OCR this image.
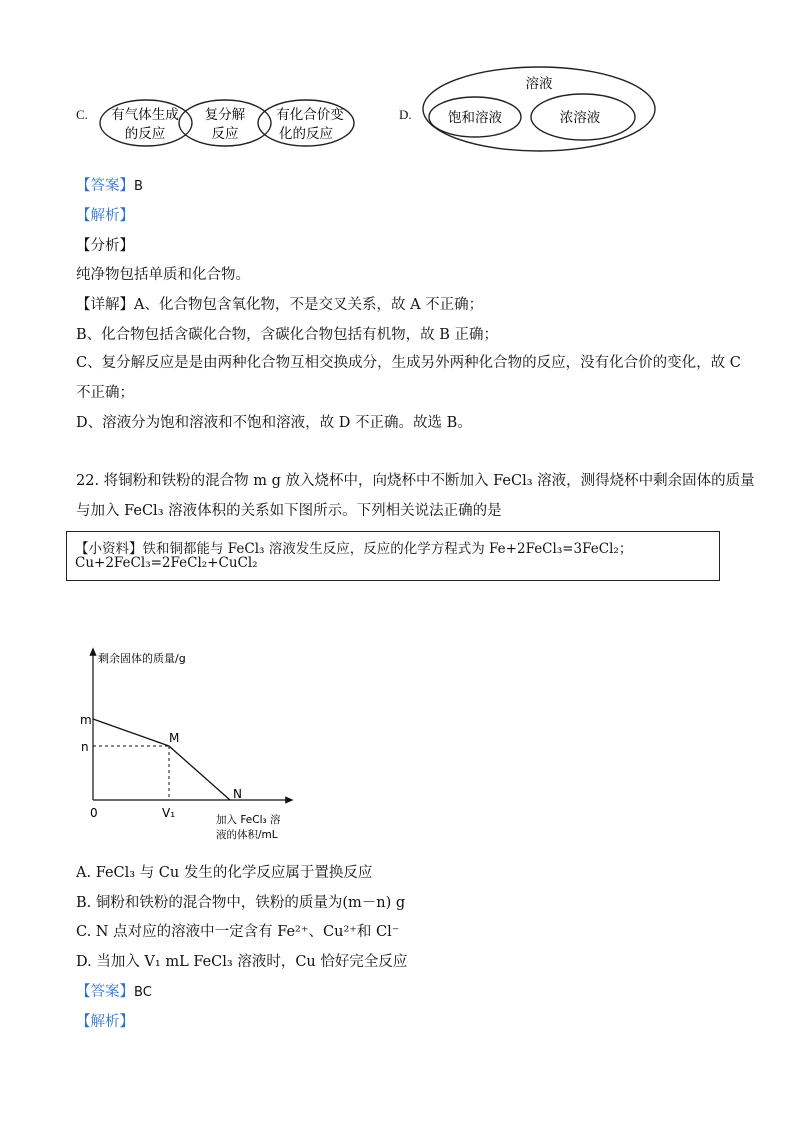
C. 有气体生成
的反应
复分解
反应
有化合价变
化的反应
D.
溶液
饱和溶液	浓溶液
【答案】B
【解析】
【分析】
纯净物包括单质和化合物。
【详解】A、化合物包含氧化物，不是交叉关系，故 A 不正确；
B、化合物包括含碳化合物，含碳化合物包括有机物，故 B 正确；
C、复分解反应是是由两种化合物互相交换成分，生成另外两种化合物的反应，没有化合价的变化，故 C
不正确；
D、溶液分为饱和溶液和不饱和溶液，故 D 不正确。故选 B。
22. 将铜粉和铁粉的混合物 m g 放入烧杯中，向烧杯中不断加入 FeCl₃ 溶液，测得烧杯中剩余固体的质量
与加入 FeCl₃ 溶液体积的关系如下图所示。下列相关说法正确的是
【小资料】铁和铜都能与 FeCl₃ 溶液发生反应，反应的化学方程式为 Fe+2FeCl₃=3FeCl₂；
Cu+2FeCl₃=2FeCl₂+CuCl₂
剩余固体的质量/g
m
n
M
N
0	V₁	加入 FeCl₃ 溶
液的体积/mL
A. FeCl₃ 与 Cu 发生的化学反应属于置换反应
B. 铜粉和铁粉的混合物中，铁粉的质量为(m－n) g
C. N 点对应的溶液中一定含有 Fe²⁺、Cu²⁺和 Cl⁻
D. 当加入 V₁ mL FeCl₃ 溶液时，Cu 恰好完全反应
【答案】BC
【解析】
